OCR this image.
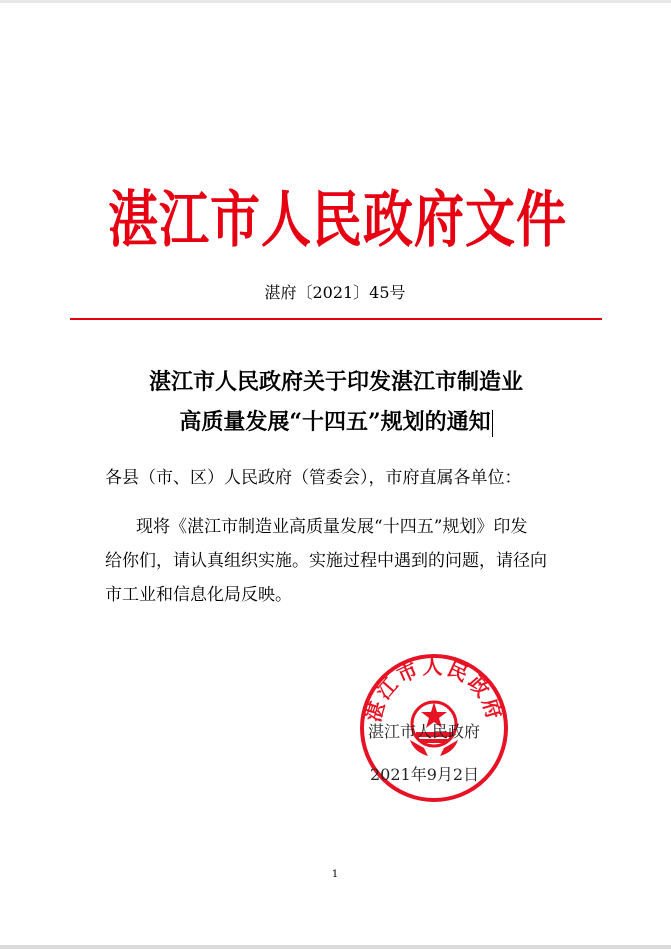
湛江市人民政府文件
湛府〔2021〕45号
湛江市人民政府关于印发湛江市制造业
高质量发展“十四五”规划的通知
各县（市、区）人民政府（管委会），市府直属各单位：
现将《湛江市制造业高质量发展“十四五”规划》印发
给你们，请认真组织实施。实施过程中遇到的问题，请径向
市工业和信息化局反映。
湛江市人民政府
湛江市人民政府
2021年9月2日
1
